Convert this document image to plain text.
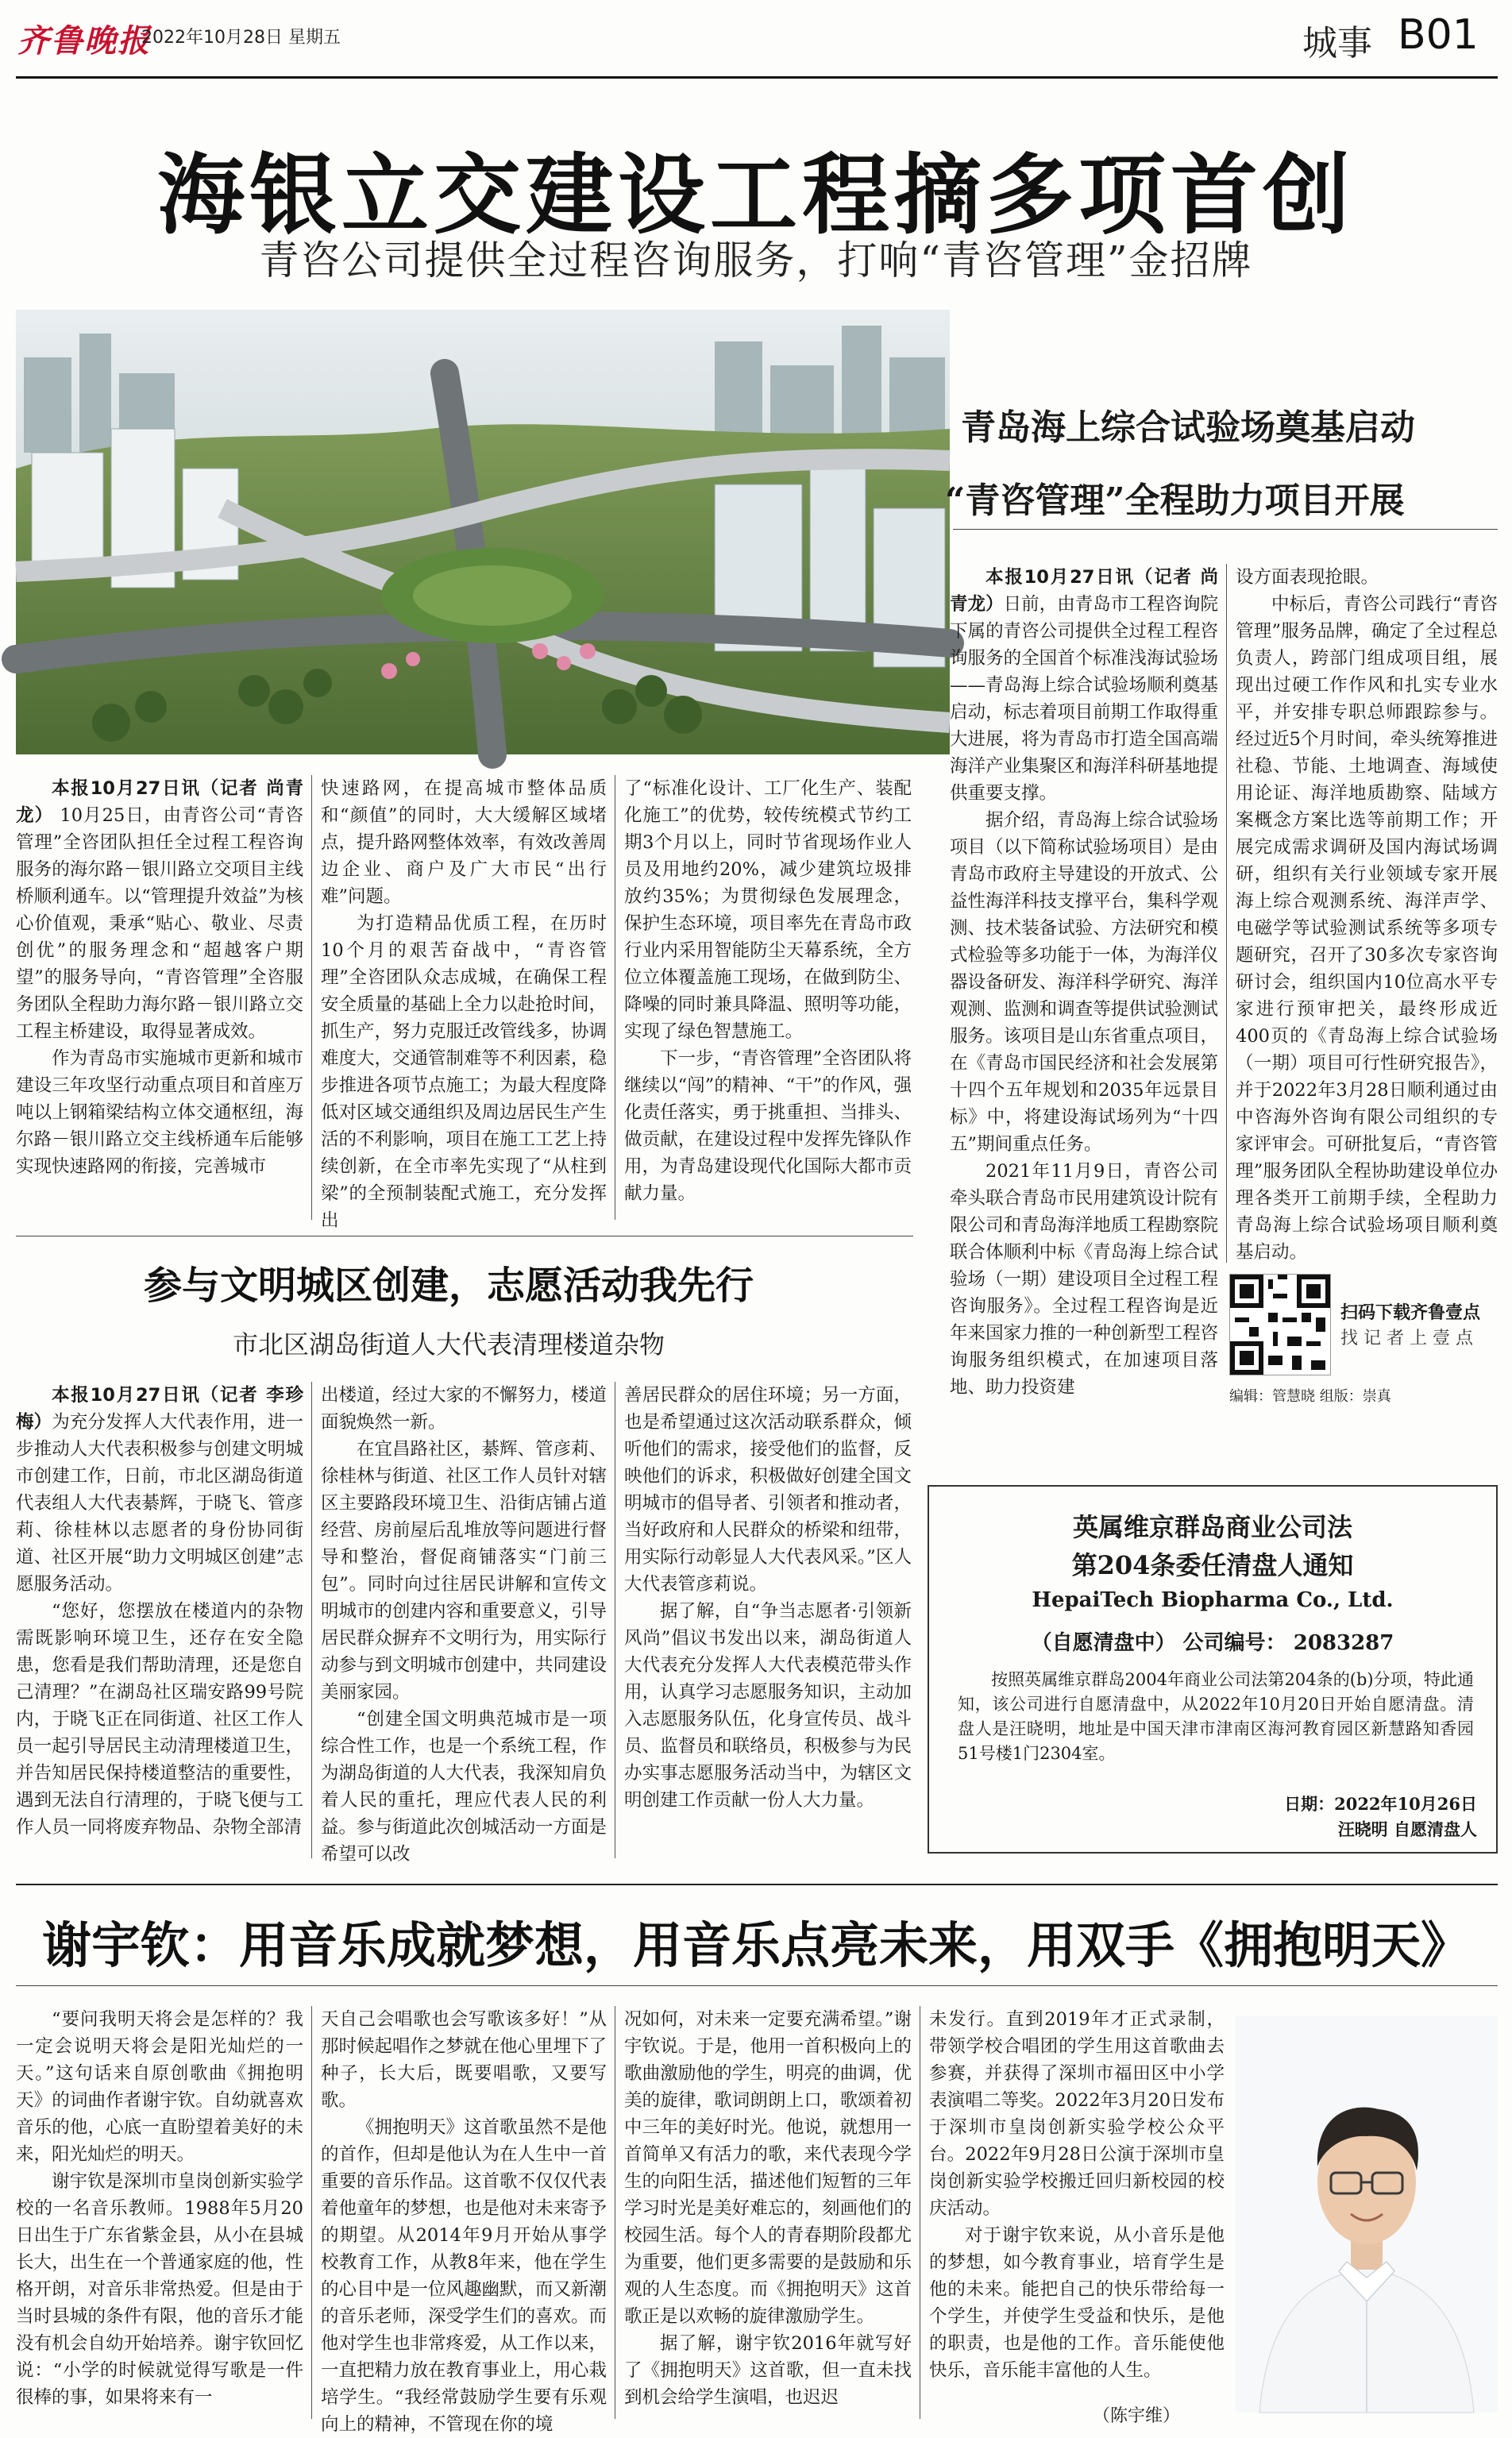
齐鲁晚报
2022年10月28日 星期五	城事 B01
海银立交建设工程摘多项首创
青咨公司提供全过程咨询服务，打响“青咨管理”金招牌

本报10月27日讯（记者 尚青龙） 10月25日，由青咨公司“青咨管理”全咨团队担任全过程工程咨询服务的海尔路－银川路立交项目主线桥顺利通车。以“管理提升效益”为核心价值观，秉承“贴心、敬业、尽责创优”的服务理念和“超越客户期望”的服务导向，“青咨管理”全咨服务团队全程助力海尔路－银川路立交工程主桥建设，取得显著成效。

作为青岛市实施城市更新和城市建设三年攻坚行动重点项目和首座万吨以上钢箱梁结构立体交通枢纽，海尔路－银川路立交主线桥通车后能够实现快速路网的衔接，完善城市

快速路网，在提高城市整体品质和“颜值”的同时，大大缓解区域堵点，提升路网整体效率，有效改善周边企业、商户及广大市民“出行难”问题。

为打造精品优质工程，在历时10个月的艰苦奋战中，“青咨管理”全咨团队众志成城，在确保工程安全质量的基础上全力以赴抢时间，抓生产，努力克服迁改管线多，协调难度大，交通管制难等不利因素，稳步推进各项节点施工；为最大程度降低对区域交通组织及周边居民生产生活的不利影响，项目在施工工艺上持续创新，在全市率先实现了“从柱到梁”的全预制装配式施工，充分发挥出

了“标准化设计、工厂化生产、装配化施工”的优势，较传统模式节约工期3个月以上，同时节省现场作业人员及用地约20%，减少建筑垃圾排放约35%；为贯彻绿色发展理念，保护生态环境，项目率先在青岛市政行业内采用智能防尘天幕系统，全方位立体覆盖施工现场，在做到防尘、降噪的同时兼具降温、照明等功能，实现了绿色智慧施工。

下一步，“青咨管理”全咨团队将继续以“闯”的精神、“干”的作风，强化责任落实，勇于挑重担、当排头、做贡献，在建设过程中发挥先锋队作用，为青岛建设现代化国际大都市贡献力量。

青岛海上综合试验场奠基启动
“青咨管理”全程助力项目开展

本报10月27日讯（记者 尚青龙）日前，由青岛市工程咨询院下属的青咨公司提供全过程工程咨询服务的全国首个标准浅海试验场——青岛海上综合试验场顺利奠基启动，标志着项目前期工作取得重大进展，将为青岛市打造全国高端海洋产业集聚区和海洋科研基地提供重要支撑。

据介绍，青岛海上综合试验场项目（以下简称试验场项目）是由青岛市政府主导建设的开放式、公益性海洋科技支撑平台，集科学观测、技术装备试验、方法研究和模式检验等多功能于一体，为海洋仪器设备研发、海洋科学研究、海洋观测、监测和调查等提供试验测试服务。该项目是山东省重点项目，在《青岛市国民经济和社会发展第十四个五年规划和2035年远景目标》中，将建设海试场列为“十四五”期间重点任务。

2021年11月9日，青咨公司牵头联合青岛市民用建筑设计院有限公司和青岛海洋地质工程勘察院联合体顺利中标《青岛海上综合试验场（一期）建设项目全过程工程咨询服务》。全过程工程咨询是近年来国家力推的一种创新型工程咨询服务组织模式，在加速项目落地、助力投资建

设方面表现抢眼。

中标后，青咨公司践行“青咨管理”服务品牌，确定了全过程总负责人，跨部门组成项目组，展现出过硬工作作风和扎实专业水平，并安排专职总师跟踪参与。经过近5个月时间，牵头统筹推进社稳、节能、土地调查、海域使用论证、海洋地质勘察、陆域方案概念方案比选等前期工作；开展完成需求调研及国内海试场调研，组织有关行业领域专家开展海上综合观测系统、海洋声学、电磁学等试验测试系统等多项专题研究，召开了30多次专家咨询研讨会，组织国内10位高水平专家进行预审把关，最终形成近400页的《青岛海上综合试验场（一期）项目可行性研究报告》，并于2022年3月28日顺利通过由中咨海外咨询有限公司组织的专家评审会。可研批复后，“青咨管理”服务团队全程协助建设单位办理各类开工前期手续，全程助力青岛海上综合试验场项目顺利奠基启动。

扫码下载齐鲁壹点
找 记 者 上 壹 点
编辑：管慧晓 组版：崇真
参与文明城区创建，志愿活动我先行
市北区湖岛街道人大代表清理楼道杂物

本报10月27日讯（记者 李珍梅）为充分发挥人大代表作用，进一步推动人大代表积极参与创建文明城市创建工作，日前，市北区湖岛街道代表组人大代表綦辉，于晓飞、管彦莉、徐桂林以志愿者的身份协同街道、社区开展“助力文明城区创建”志愿服务活动。

“您好，您摆放在楼道内的杂物需既影响环境卫生，还存在安全隐患，您看是我们帮助清理，还是您自己清理？”在湖岛社区瑞安路99号院内，于晓飞正在同街道、社区工作人员一起引导居民主动清理楼道卫生，并告知居民保持楼道整洁的重要性，遇到无法自行清理的，于晓飞便与工作人员一同将废弃物品、杂物全部清

出楼道，经过大家的不懈努力，楼道面貌焕然一新。

在宜昌路社区，綦辉、管彦莉、徐桂林与街道、社区工作人员针对辖区主要路段环境卫生、沿街店铺占道经营、房前屋后乱堆放等问题进行督导和整治，督促商铺落实“门前三包”。同时向过往居民讲解和宣传文明城市的创建内容和重要意义，引导居民群众摒弃不文明行为，用实际行动参与到文明城市创建中，共同建设美丽家园。

“创建全国文明典范城市是一项综合性工作，也是一个系统工程，作为湖岛街道的人大代表，我深知肩负着人民的重托，理应代表人民的利益。参与街道此次创城活动一方面是希望可以改

善居民群众的居住环境；另一方面，也是希望通过这次活动联系群众，倾听他们的需求，接受他们的监督，反映他们的诉求，积极做好创建全国文明城市的倡导者、引领者和推动者，当好政府和人民群众的桥梁和纽带，用实际行动彰显人大代表风采。”区人大代表管彦莉说。

据了解，自“争当志愿者·引领新风尚”倡议书发出以来，湖岛街道人大代表充分发挥人大代表模范带头作用，认真学习志愿服务知识，主动加入志愿服务队伍，化身宣传员、战斗员、监督员和联络员，积极参与为民办实事志愿服务活动当中，为辖区文明创建工作贡献一份人大力量。

英属维京群岛商业公司法
第204条委任清盘人通知
HepaiTech Biopharma Co., Ltd.
（自愿清盘中） 公司编号： 2083287

按照英属维京群岛2004年商业公司法第204条的(b)分项，特此通知，该公司进行自愿清盘中，从2022年10月20日开始自愿清盘。清盘人是汪晓明，地址是中国天津市津南区海河教育园区新慧路知香园51号楼1门2304室。

日期：2022年10月26日
汪晓明 自愿清盘人
谢宇钦：用音乐成就梦想，用音乐点亮未来，用双手《拥抱明天》

“要问我明天将会是怎样的？我一定会说明天将会是阳光灿烂的一天。”这句话来自原创歌曲《拥抱明天》的词曲作者谢宇钦。自幼就喜欢音乐的他，心底一直盼望着美好的未来，阳光灿烂的明天。

谢宇钦是深圳市皇岗创新实验学校的一名音乐教师。1988年5月20日出生于广东省紫金县，从小在县城长大，出生在一个普通家庭的他，性格开朗，对音乐非常热爱。但是由于当时县城的条件有限，他的音乐才能没有机会自幼开始培养。谢宇钦回忆说：“小学的时候就觉得写歌是一件很棒的事，如果将来有一

天自己会唱歌也会写歌该多好！”从那时候起唱作之梦就在他心里埋下了种子，长大后，既要唱歌，又要写歌。

《拥抱明天》这首歌虽然不是他的首作，但却是他认为在人生中一首重要的音乐作品。这首歌不仅仅代表着他童年的梦想，也是他对未来寄予的期望。从2014年9月开始从事学校教育工作，从教8年来，他在学生的心目中是一位风趣幽默，而又新潮的音乐老师，深受学生们的喜欢。而他对学生也非常疼爱，从工作以来，一直把精力放在教育事业上，用心栽培学生。“我经常鼓励学生要有乐观向上的精神，不管现在你的境

况如何，对未来一定要充满希望。”谢宇钦说。于是，他用一首积极向上的歌曲激励他的学生，明亮的曲调，优美的旋律，歌词朗朗上口，歌颂着初中三年的美好时光。他说，就想用一首简单又有活力的歌，来代表现今学生的向阳生活，描述他们短暂的三年学习时光是美好难忘的，刻画他们的校园生活。每个人的青春期阶段都尤为重要，他们更多需要的是鼓励和乐观的人生态度。而《拥抱明天》这首歌正是以欢畅的旋律激励学生。

据了解，谢宇钦2016年就写好了《拥抱明天》这首歌，但一直未找到机会给学生演唱，也迟迟

未发行。直到2019年才正式录制，带领学校合唱团的学生用这首歌曲去参赛，并获得了深圳市福田区中小学表演唱二等奖。2022年3月20日发布于深圳市皇岗创新实验学校公众平台。2022年9月28日公演于深圳市皇岗创新实验学校搬迁回归新校园的校庆活动。

对于谢宇钦来说，从小音乐是他的梦想，如今教育事业，培育学生是他的未来。能把自己的快乐带给每一个学生，并使学生受益和快乐，是他的职责，也是他的工作。音乐能使他快乐，音乐能丰富他的人生。

（陈宇维）
